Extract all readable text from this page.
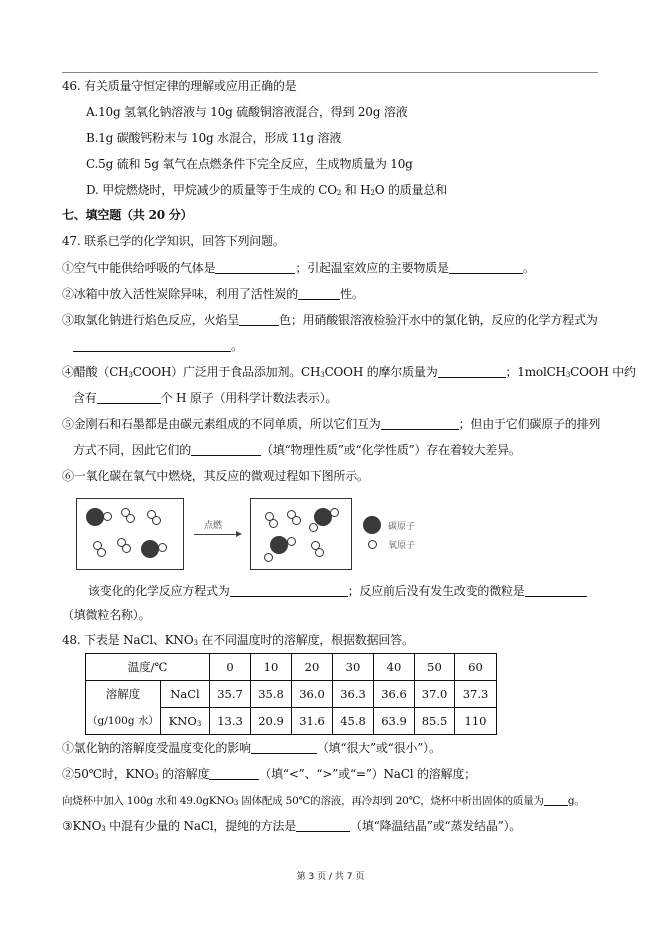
46. 有关质量守恒定律的理解或应用正确的是
A.10g 氢氧化钠溶液与 10g 硫酸铜溶液混合，得到 20g 溶液
B.1g 碳酸钙粉末与 10g 水混合，形成 11g 溶液
C.5g 硫和 5g 氧气在点燃条件下完全反应，生成物质量为 10g
D. 甲烷燃烧时，甲烷减少的质量等于生成的 $CO_2$ 和 $H_2O$ 的质量总和
七、填空题（共 20 分）
47. 联系已学的化学知识，回答下列问题。
①空气中能供给呼吸的气体是	；引起温室效应的主要物质是	。
②冰箱中放入活性炭除异味，利用了活性炭的	性。
③取氯化钠进行焰色反应，火焰呈	色；用硝酸银溶液检验汗水中的氯化钠，反应的化学方程式为
。
④醋酸$(CH_3COOH)$广泛用于食品添加剂。$CH_3COOH$ 的摩尔质量为	；1molCH$_3$COOH 中约
含有	个 H 原子（用科学计数法表示）。
⑤金刚石和石墨都是由碳元素组成的不同单质，所以它们互为	；但由于它们碳原子的排列
方式不同，因此它们的	（填“物理性质”或“化学性质”）存在着较大差异。
⑥一氧化碳在氧气中燃烧，其反应的微观过程如下图所示。
点燃	碳原子
氧原子
该变化的化学反应方程式为	；反应前后没有发生改变的微粒是
（填微粒名称）。
48. 下表是 NaCl、$KNO_3$ 在不同温度时的溶解度，根据数据回答。
温度/℃		0	10	20	30	40	50	60
溶解度	NaCl	35.7	35.8	36.0	36.3	36.6	37.0	37.3
（g/100g 水）	$KNO_3$	13.3	20.9	31.6	45.8	63.9	85.5	110
①氯化钠的溶解度受温度变化的影响	（填“很大”或“很小”）。
②50℃时，$KNO_3$ 的溶解度	（填“<”、“>”或“=”）NaCl 的溶解度；
向烧杯中加入 100g 水和 49.0gKNO$_3$ 固体配成 50℃的溶液，再冷却到 20℃，烧杯中析出固体的质量为 g。
$③KNO_3$ 中混有少量的 NaCl，提纯的方法是	（填“降温结晶”或“蒸发结晶”）。
第 3 页 / 共 7 页
